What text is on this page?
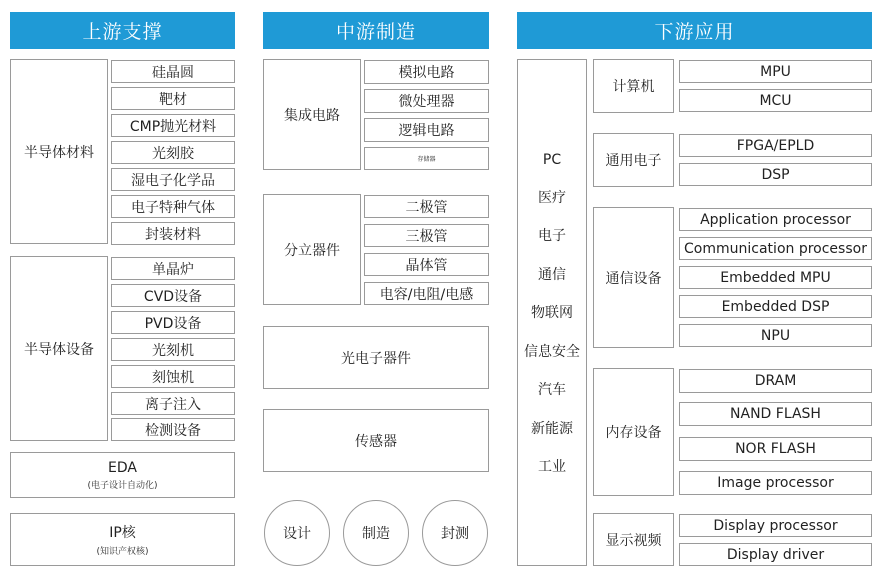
上游支撑
半导体材料
硅晶圆
靶材
CMP抛光材料
光刻胶
湿电子化学品
电子特种气体
封装材料
半导体设备
单晶炉
CVD设备
PVD设备
光刻机
刻蚀机
离子注入
检测设备
EDA
(电子设计自动化)
IP核
(知识产权核)
中游制造
集成电路
模拟电路
微处理器
逻辑电路
存储器
分立器件
二极管
三极管
晶体管
电容/电阻/电感
光电子器件
传感器
设计	制造	封测
下游应用
PC
医疗
电子
通信
物联网
信息安全
汽车
新能源
工业
计算机
MPU
MCU
通用电子
FPGA/EPLD
DSP
通信设备
Application processor
Communication processor
Embedded MPU
Embedded DSP
NPU
内存设备
DRAM
NAND FLASH
NOR FLASH
Image processor
显示视频
Display processor
Display driver
